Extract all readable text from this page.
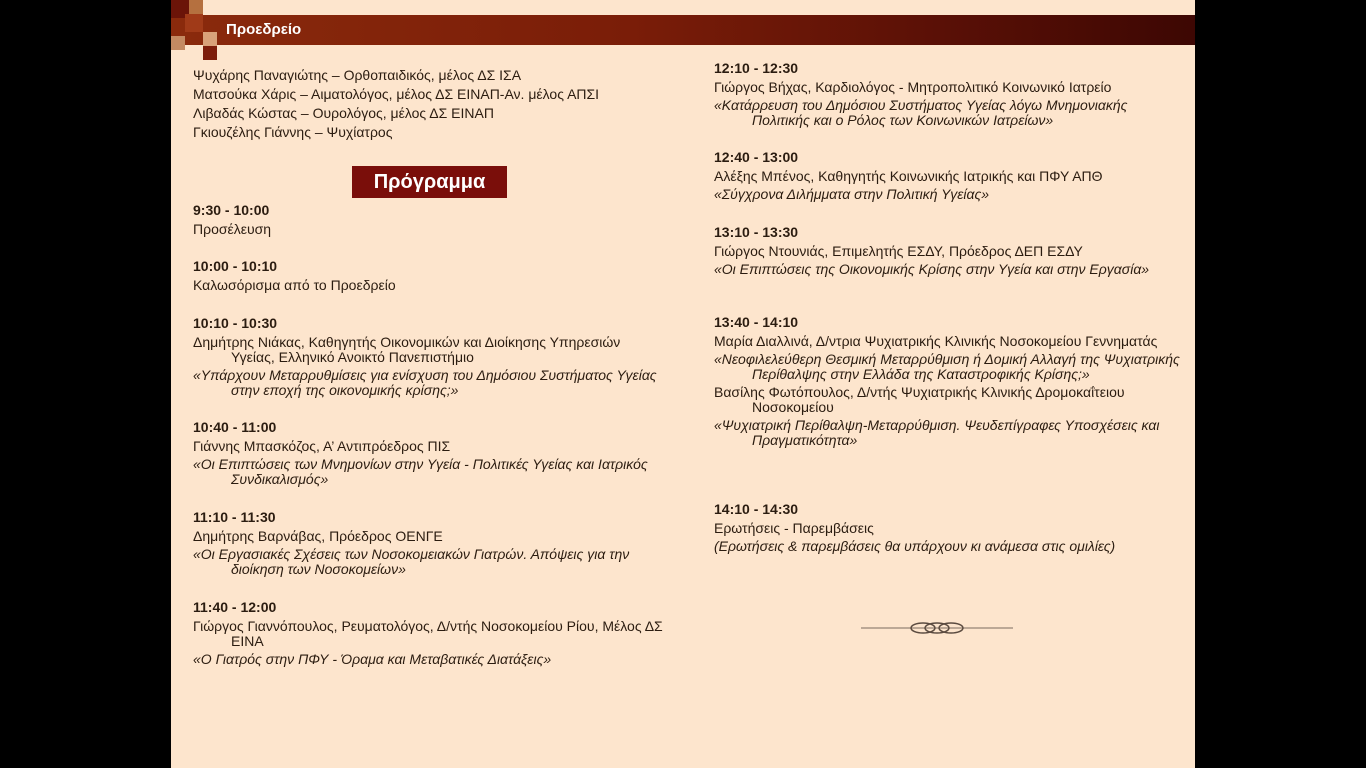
Προεδρείο
Ψυχάρης Παναγιώτης – Ορθοπαιδικός, μέλος ΔΣ ΙΣΑ
Ματσούκα Χάρις – Αιματολόγος, μέλος ΔΣ ΕΙΝΑΠ-Αν. μέλος ΑΠΣΙ
Λιβαδάς Κώστας – Ουρολόγος, μέλος ΔΣ ΕΙΝΑΠ
Γκιουζέλης Γιάννης – Ψυχίατρος
Πρόγραμμα
9:30 - 10:00
Προσέλευση
10:00 - 10:10
Καλωσόρισμα από το Προεδρείο
10:10 - 10:30
Δημήτρης Νιάκας, Καθηγητής Οικονομικών και Διοίκησης Υπηρεσιών Υγείας, Ελληνικό Ανοικτό Πανεπιστήμιο
«Υπάρχουν Μεταρρυθμίσεις για ενίσχυση του Δημόσιου Συστήματος Υγείας στην εποχή της οικονομικής κρίσης;»
10:40 - 11:00
Γιάννης Μπασκόζος, Α’ Αντιπρόεδρος ΠΙΣ
«Οι Επιπτώσεις των Μνημονίων στην Υγεία - Πολιτικές Υγείας και Ιατρικός Συνδικαλισμός»
11:10 - 11:30
Δημήτρης Βαρνάβας, Πρόεδρος ΟΕΝΓΕ
«Οι Εργασιακές Σχέσεις των Νοσοκομειακών Γιατρών. Απόψεις για την διοίκηση των Νοσοκομείων»
11:40 - 12:00
Γιώργος Γιαννόπουλος, Ρευματολόγος, Δ/ντής Νοσοκομείου Ρίου, Μέλος ΔΣ ΕΙΝΑ
«Ο Γιατρός στην ΠΦΥ - Όραμα και Μεταβατικές Διατάξεις»
12:10 - 12:30
Γιώργος Βήχας, Καρδιολόγος - Μητροπολιτικό Κοινωνικό Ιατρείο
«Κατάρρευση του Δημόσιου Συστήματος Υγείας λόγω Μνημονιακής Πολιτικής και ο Ρόλος των Κοινωνικών Ιατρείων»
12:40 - 13:00
Αλέξης Μπένος, Καθηγητής Κοινωνικής Ιατρικής και ΠΦΥ ΑΠΘ
«Σύγχρονα Διλήμματα στην Πολιτική Υγείας»
13:10 - 13:30
Γιώργος Ντουνιάς, Επιμελητής ΕΣΔΥ, Πρόεδρος ΔΕΠ ΕΣΔΥ
«Οι Επιπτώσεις της Οικονομικής Κρίσης στην Υγεία και στην Εργασία»
13:40 - 14:10
Μαρία Διαλλινά, Δ/ντρια Ψυχιατρικής Κλινικής Νοσοκομείου Γεννηματάς
«Νεοφιλελεύθερη Θεσμική Μεταρρύθμιση ή Δομική Αλλαγή της Ψυχιατρικής Περίθαλψης στην Ελλάδα της Καταστροφικής Κρίσης;»
Βασίλης Φωτόπουλος, Δ/ντής Ψυχιατρικής Κλινικής Δρομοκαΐτειου Νοσοκομείου
«Ψυχιατρική Περίθαλψη-Μεταρρύθμιση. Ψευδεπίγραφες Υποσχέσεις και Πραγματικότητα»
14:10 - 14:30
Ερωτήσεις - Παρεμβάσεις
(Ερωτήσεις & παρεμβάσεις θα υπάρχουν κι ανάμεσα στις ομιλίες)
